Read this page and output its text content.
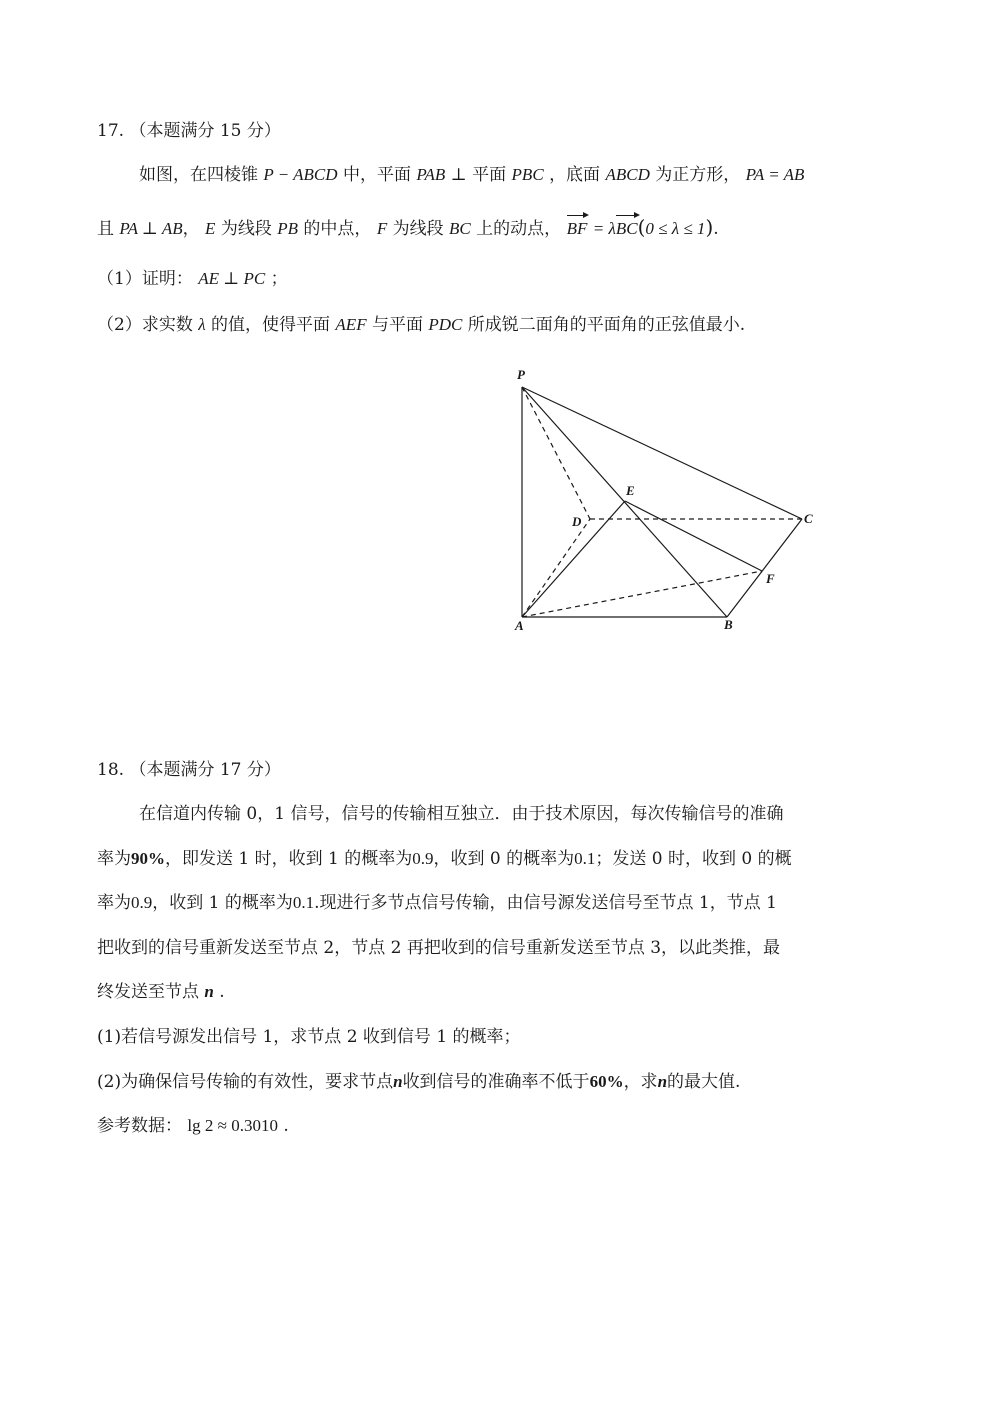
17. （本题满分 15 分）
如图，在四棱锥 P − ABCD 中，平面 PAB ⊥ 平面 PBC ，底面 ABCD 为正方形， PA = AB
且 PA ⊥ AB， E 为线段 PB 的中点， F 为线段 BC 上的动点， BF = λBC(0 ≤ λ ≤ 1).
（1）证明： AE ⊥ PC ；
（2）求实数 λ 的值，使得平面 AEF 与平面 PDC 所成锐二面角的平面角的正弦值最小.
P
E
D	C
F
A	B
18. （本题满分 17 分）
在信道内传输 0，1 信号，信号的传输相互独立．由于技术原因，每次传输信号的准确
率为90%，即发送 1 时，收到 1 的概率为0.9，收到 0 的概率为0.1；发送 0 时，收到 0 的概
率为0.9，收到 1 的概率为0.1.现进行多节点信号传输，由信号源发送信号至节点 1，节点 1
把收到的信号重新发送至节点 2，节点 2 再把收到的信号重新发送至节点 3，以此类推，最
终发送至节点 n .
(1)若信号源发出信号 1，求节点 2 收到信号 1 的概率；
(2)为确保信号传输的有效性，要求节点n收到信号的准确率不低于60%，求n的最大值.
参考数据： lg 2 ≈ 0.3010 .
